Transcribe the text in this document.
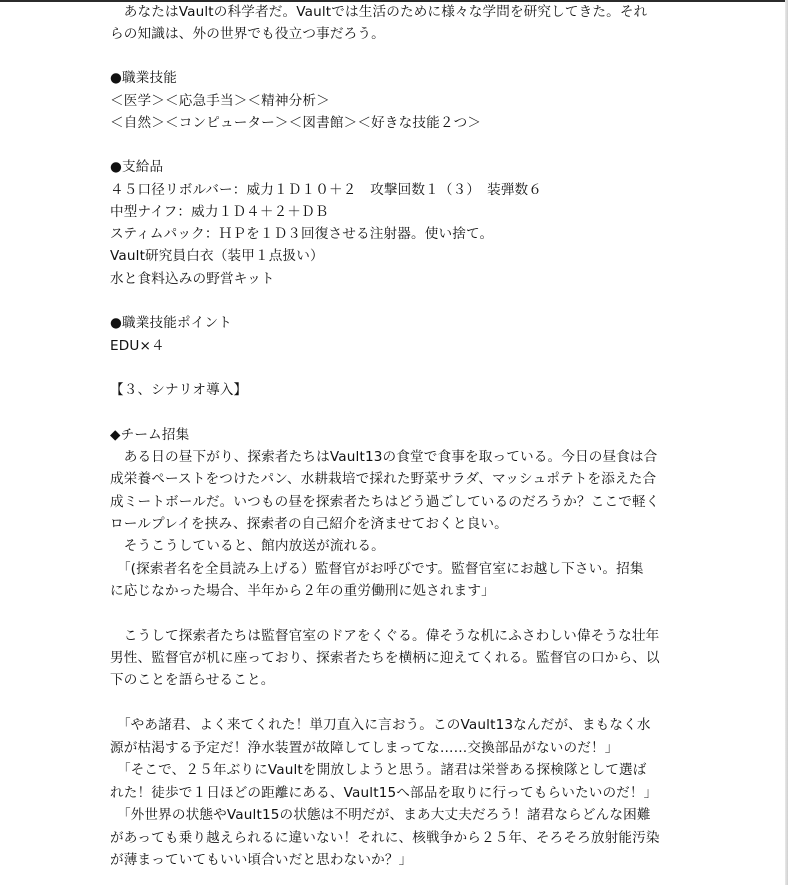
　あなたはVaultの科学者だ。Vaultでは生活のために様々な学問を研究してきた。それ
らの知識は、外の世界でも役立つ事だろう。
●職業技能
＜医学＞＜応急手当＞＜精神分析＞
＜自然＞＜コンピューター＞＜図書館＞＜好きな技能２つ＞
●支給品
４５口径リボルバー：威力１Ｄ１０＋２　攻撃回数１（３）　装弾数６
中型ナイフ：威力１Ｄ４＋２＋ＤＢ
スティムパック：ＨＰを１Ｄ３回復させる注射器。使い捨て。
Vault研究員白衣（装甲１点扱い）
水と食料込みの野営キット
●職業技能ポイント
EDU×４
【３、シナリオ導入】
◆チーム招集
　ある日の昼下がり、探索者たちはVault13の食堂で食事を取っている。今日の昼食は合
成栄養ペーストをつけたパン、水耕栽培で採れた野菜サラダ、マッシュポテトを添えた合
成ミートボールだ。いつもの昼を探索者たちはどう過ごしているのだろうか？ここで軽く
ロールプレイを挟み、探索者の自己紹介を済ませておくと良い。
　そうこうしていると、館内放送が流れる。
　「(探索者名を全員読み上げる）監督官がお呼びです。監督官室にお越し下さい。招集
に応じなかった場合、半年から２年の重労働刑に処されます」
　こうして探索者たちは監督官室のドアをくぐる。偉そうな机にふさわしい偉そうな壮年
男性、監督官が机に座っており、探索者たちを横柄に迎えてくれる。監督官の口から、以
下のことを語らせること。
　「やあ諸君、よく来てくれた！単刀直入に言おう。このVault13なんだが、まもなく水
源が枯渇する予定だ！浄水装置が故障してしまってな……交換部品がないのだ！」
　「そこで、２５年ぶりにVaultを開放しようと思う。諸君は栄誉ある探検隊として選ば
れた！徒歩で１日ほどの距離にある、Vault15へ部品を取りに行ってもらいたいのだ！」
　「外世界の状態やVault15の状態は不明だが、まあ大丈夫だろう！諸君ならどんな困難
があっても乗り越えられるに違いない！それに、核戦争から２５年、そろそろ放射能汚染
が薄まっていてもいい頃合いだと思わないか？」
